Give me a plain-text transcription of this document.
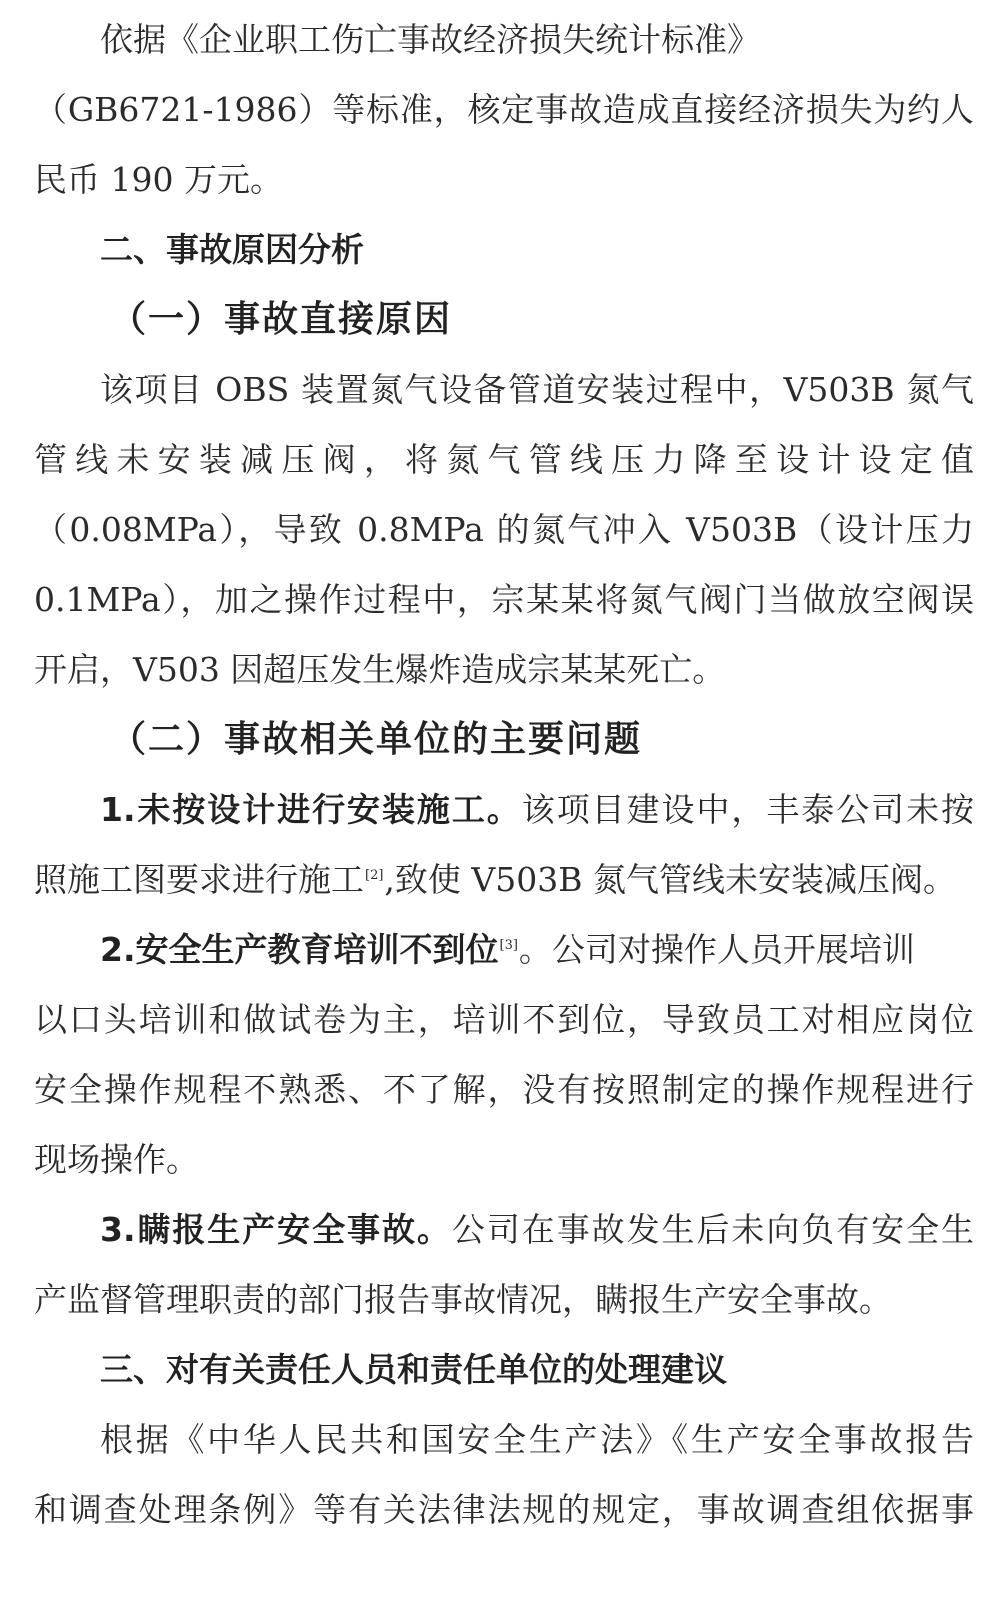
依据《企业职工伤亡事故经济损失统计标准》
（GB6721-1986）等标准，核定事故造成直接经济损失为约人
民币 190 万元。
二、事故原因分析
（一）事故直接原因
该项目 OBS 装置氮气设备管道安装过程中，V503B 氮气
管线未安装减压阀，将氮气管线压力降至设计设定值
（0.08MPa），导致 0.8MPa 的氮气冲入 V503B（设计压力
0.1MPa），加之操作过程中，宗某某将氮气阀门当做放空阀误
开启，V503 因超压发生爆炸造成宗某某死亡。
（二）事故相关单位的主要问题
1.未按设计进行安装施工。该项目建设中，丰泰公司未按
照施工图要求进行施工[2],致使 V503B 氮气管线未安装减压阀。
2.安全生产教育培训不到位[3]。公司对操作人员开展培训
以口头培训和做试卷为主，培训不到位，导致员工对相应岗位
安全操作规程不熟悉、不了解，没有按照制定的操作规程进行
现场操作。
3.瞒报生产安全事故。公司在事故发生后未向负有安全生
产监督管理职责的部门报告事故情况，瞒报生产安全事故。
三、对有关责任人员和责任单位的处理建议
根据《中华人民共和国安全生产法》《生产安全事故报告
和调查处理条例》等有关法律法规的规定，事故调查组依据事
